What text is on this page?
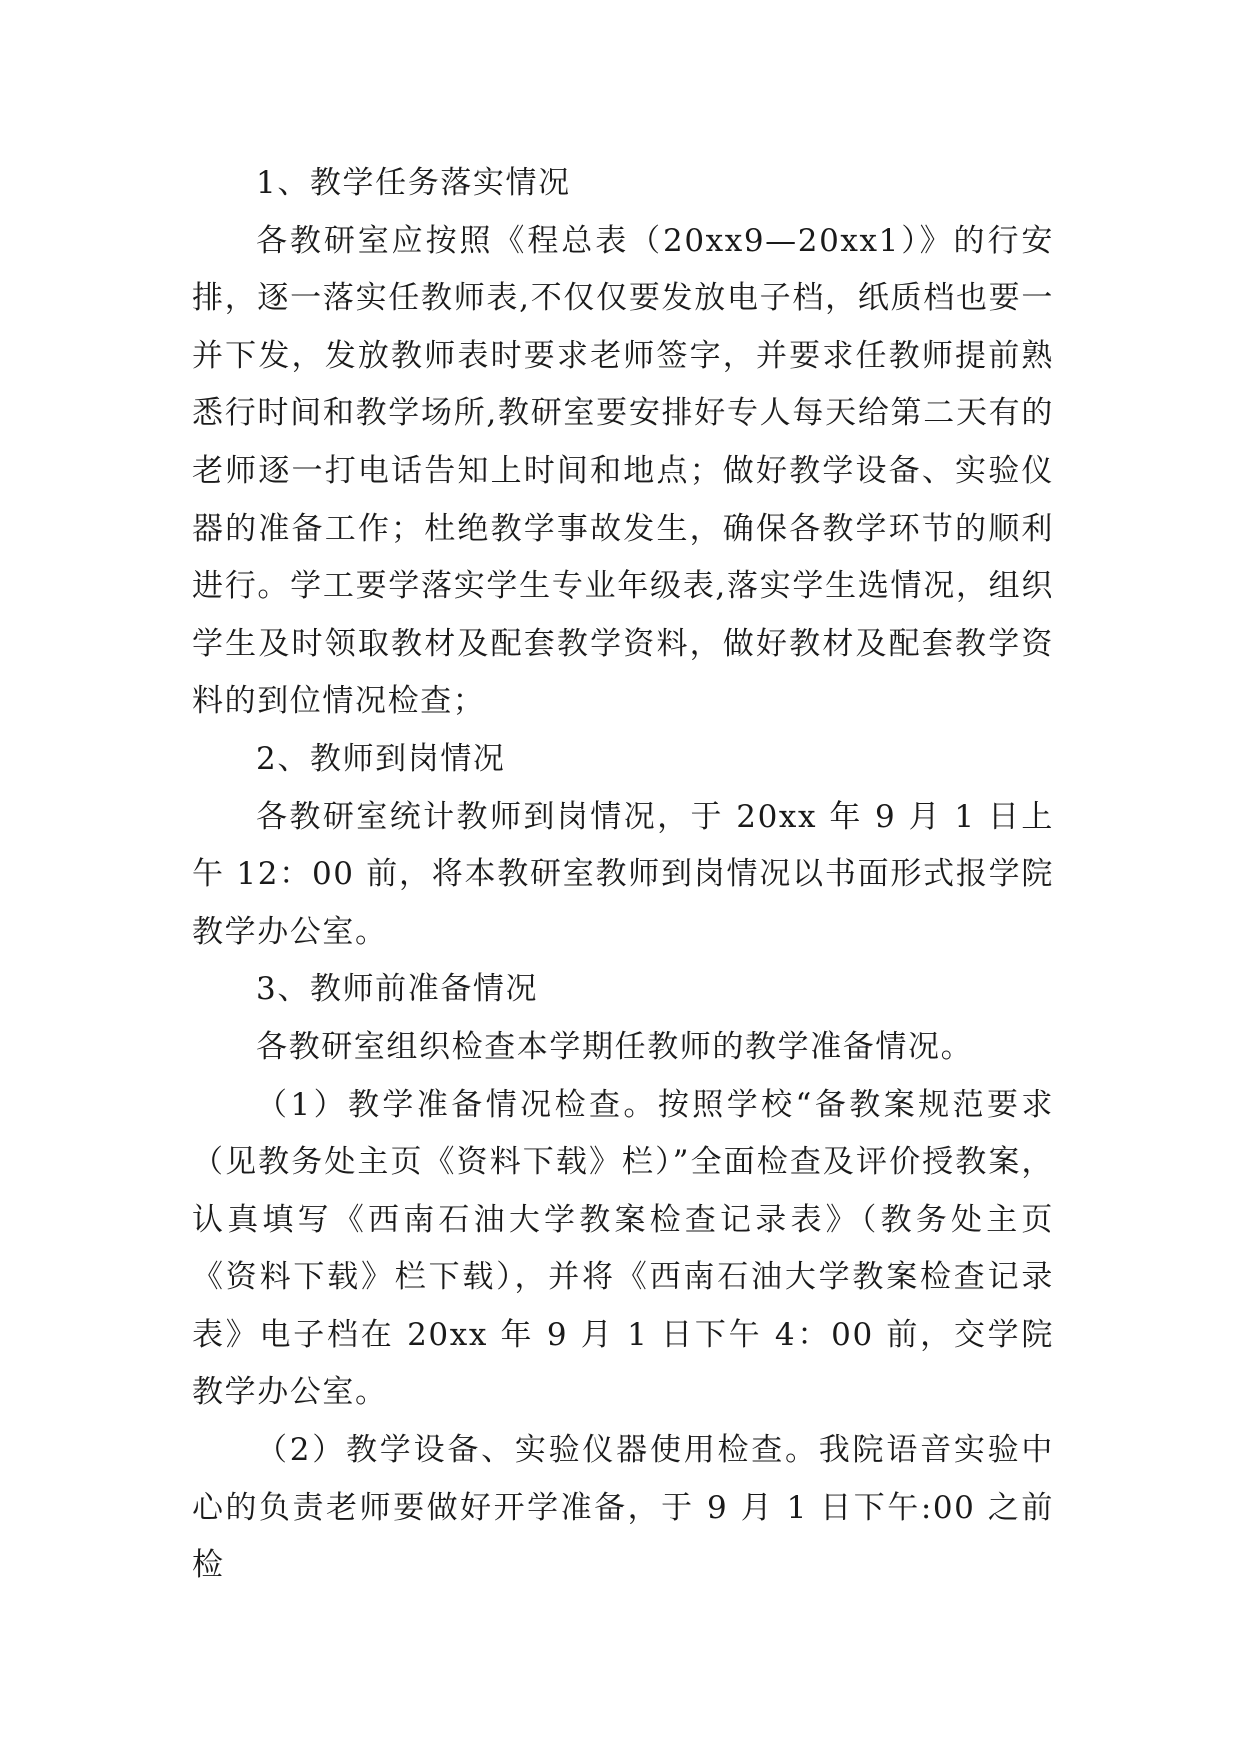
1、教学任务落实情况

各教研室应按照《程总表（20xx9—20xx1）》的行安排，逐一落实任教师表,不仅仅要发放电子档，纸质档也要一并下发，发放教师表时要求老师签字，并要求任教师提前熟悉行时间和教学场所,教研室要安排好专人每天给第二天有的老师逐一打电话告知上时间和地点；做好教学设备、实验仪器的准备工作；杜绝教学事故发生，确保各教学环节的顺利进行。学工要学落实学生专业年级表,落实学生选情况，组织学生及时领取教材及配套教学资料，做好教材及配套教学资料的到位情况检查；

2、教师到岗情况

各教研室统计教师到岗情况，于 20xx 年 9 月 1 日上午 12：00 前，将本教研室教师到岗情况以书面形式报学院教学办公室。

3、教师前准备情况

各教研室组织检查本学期任教师的教学准备情况。

（1）教学准备情况检查。按照学校“备教案规范要求（见教务处主页《资料下载》栏）”全面检查及评价授教案，认真填写《西南石油大学教案检查记录表》（教务处主页《资料下载》栏下载），并将《西南石油大学教案检查记录表》电子档在 20xx 年 9 月 1 日下午 4：00 前，交学院教学办公室。

（2）教学设备、实验仪器使用检查。我院语音实验中心的负责老师要做好开学准备，于 9 月 1 日下午:00 之前检
